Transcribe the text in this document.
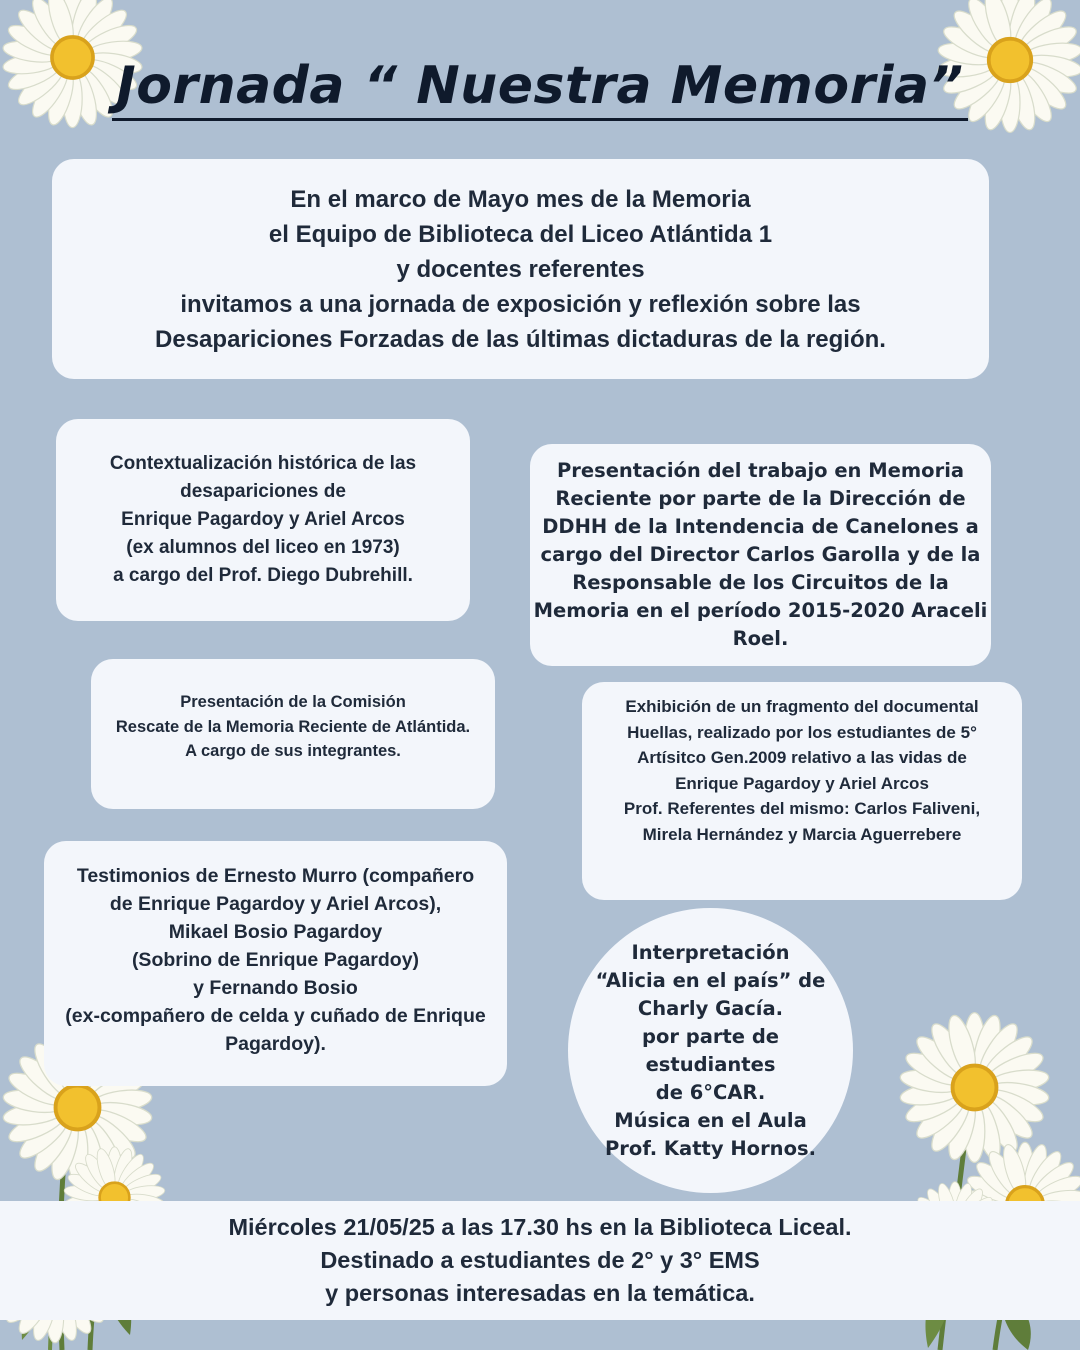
Jornada “ Nuestra Memoria”
En el marco de Mayo mes de la Memoria
el Equipo de Biblioteca del Liceo Atlántida 1
y docentes referentes
invitamos a una jornada de exposición y reflexión sobre las
Desapariciones Forzadas de las últimas dictaduras de la región.
Contextualización histórica de las
desapariciones de
Enrique Pagardoy y Ariel Arcos
(ex alumnos del liceo en 1973)
a cargo del Prof. Diego Dubrehill.
Presentación del trabajo en Memoria
Reciente por parte de la Dirección de
DDHH de la Intendencia de Canelones a
cargo del Director Carlos Garolla y de la
Responsable de los Circuitos de la
Memoria en el período 2015-2020 Araceli
Roel.
Presentación de la Comisión
Rescate de la Memoria Reciente de Atlántida.
A cargo de sus integrantes.
Exhibición de un fragmento del documental
Huellas, realizado por los estudiantes de 5°
Artísitco Gen.2009 relativo a las vidas de
Enrique Pagardoy y Ariel Arcos
Prof. Referentes del mismo: Carlos Faliveni,
Mirela Hernández y Marcia Aguerrebere
Testimonios de Ernesto Murro (compañero
de Enrique Pagardoy y Ariel Arcos),
Mikael Bosio Pagardoy
(Sobrino de Enrique Pagardoy)
y Fernando Bosio
(ex-compañero de celda y cuñado de Enrique
Pagardoy).
Interpretación
“Alicia en el país” de
Charly Gacía.
por parte de
estudiantes
de 6°CAR.
Música en el Aula
Prof. Katty Hornos.
Miércoles 21/05/25 a las 17.30 hs en la Biblioteca Liceal.
Destinado a estudiantes de 2° y 3° EMS
y personas interesadas en la temática.
